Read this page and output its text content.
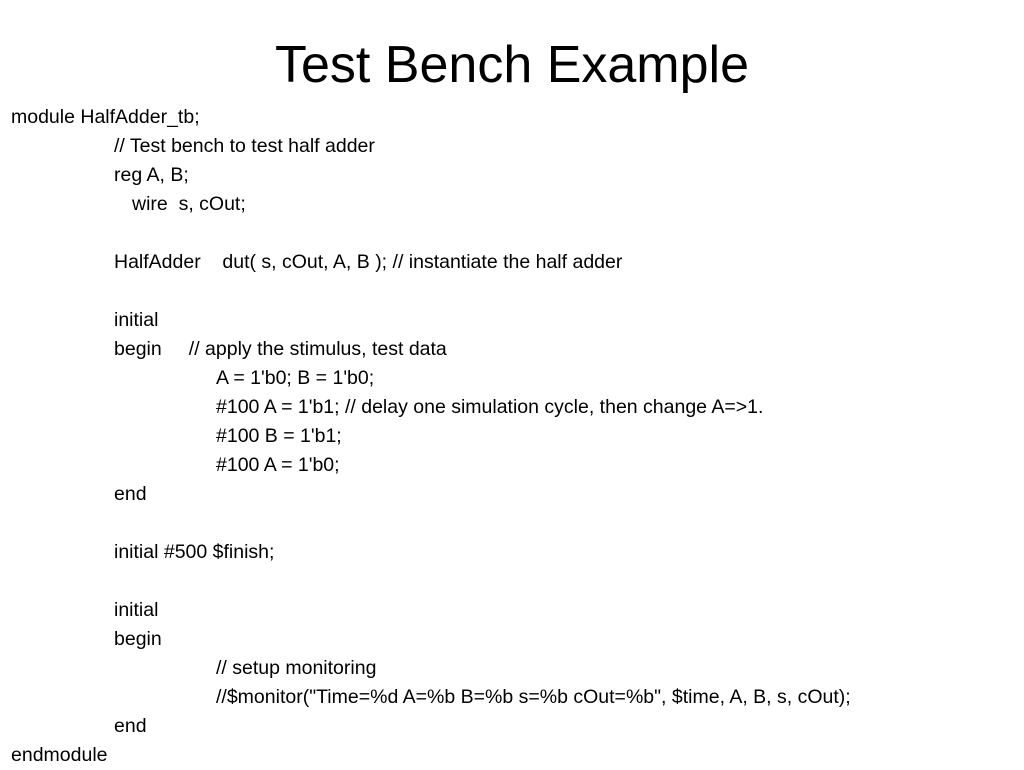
Test Bench Example
module HalfAdder_tb;
// Test bench to test half adder
reg A, B;
wire  s, cOut;
HalfAdder    dut( s, cOut, A, B ); // instantiate the half adder
initial
begin     // apply the stimulus, test data
A = 1'b0; B = 1'b0;
#100 A = 1'b1; // delay one simulation cycle, then change A=>1.
#100 B = 1'b1;
#100 A = 1'b0;
end
initial #500 $finish;
initial
begin
// setup monitoring
//$monitor("Time=%d A=%b B=%b s=%b cOut=%b", $time, A, B, s, cOut);
end
endmodule
